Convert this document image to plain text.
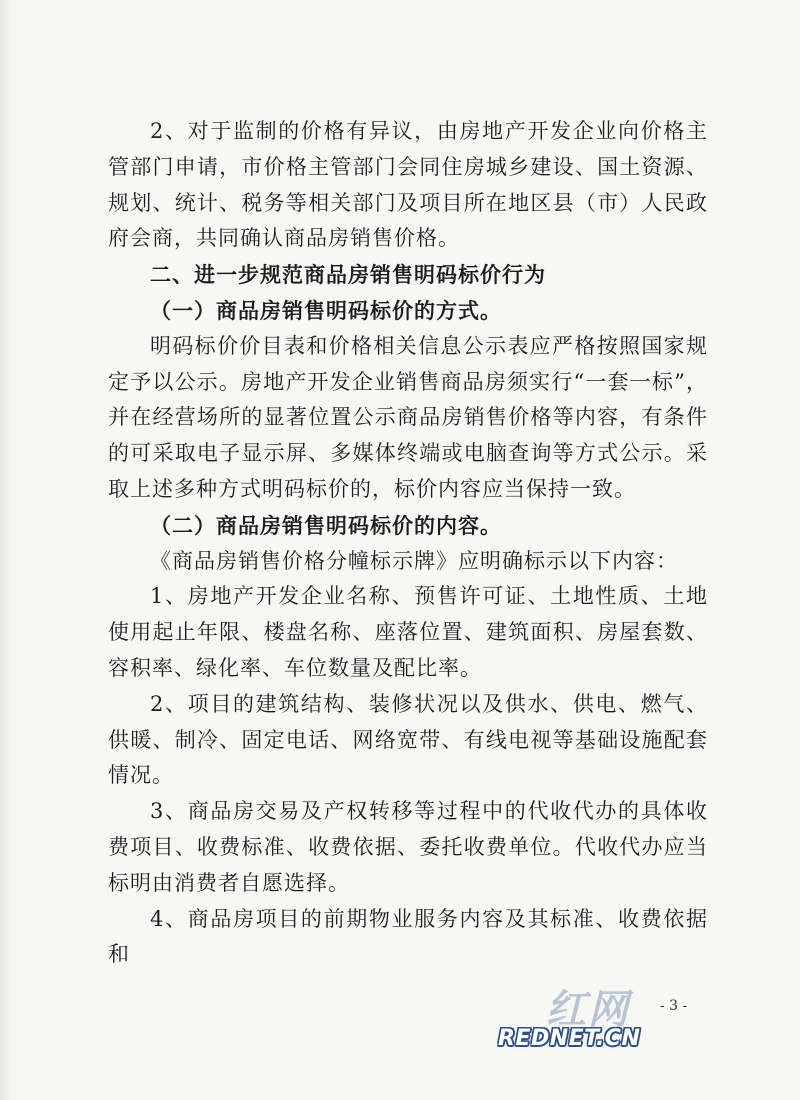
2、对于监制的价格有异议，由房地产开发企业向价格主管部门申请，市价格主管部门会同住房城乡建设、国土资源、规划、统计、税务等相关部门及项目所在地区县（市）人民政府会商，共同确认商品房销售价格。

二、进一步规范商品房销售明码标价行为

（一）商品房销售明码标价的方式。

明码标价价目表和价格相关信息公示表应严格按照国家规定予以公示。房地产开发企业销售商品房须实行“一套一标”，并在经营场所的显著位置公示商品房销售价格等内容，有条件的可采取电子显示屏、多媒体终端或电脑查询等方式公示。采取上述多种方式明码标价的，标价内容应当保持一致。

（二）商品房销售明码标价的内容。

《商品房销售价格分幢标示牌》应明确标示以下内容：

1、房地产开发企业名称、预售许可证、土地性质、土地使用起止年限、楼盘名称、座落位置、建筑面积、房屋套数、容积率、绿化率、车位数量及配比率。

2、项目的建筑结构、装修状况以及供水、供电、燃气、供暖、制冷、固定电话、网络宽带、有线电视等基础设施配套情况。

3、商品房交易及产权转移等过程中的代收代办的具体收费项目、收费标准、收费依据、委托收费单位。代收代办应当标明由消费者自愿选择。

4、商品房项目的前期物业服务内容及其标准、收费依据和

- 3 -
红网
REDNET.CN
